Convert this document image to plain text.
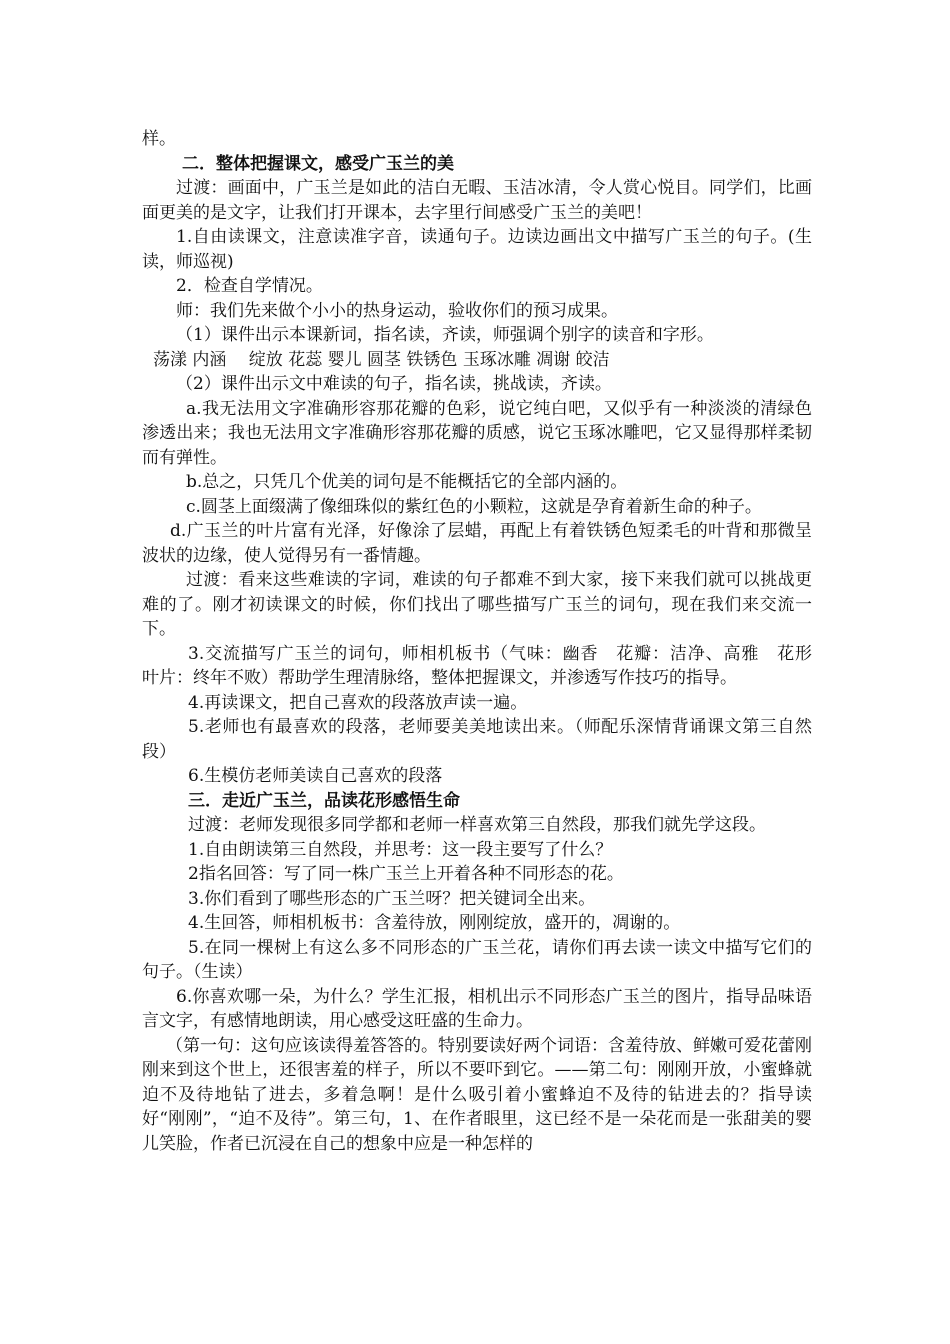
样。

二．整体把握课文，感受广玉兰的美

过渡：画面中，广玉兰是如此的洁白无暇、玉洁冰清，令人赏心悦目。同学们，比画面更美的是文字，让我们打开课本，去字里行间感受广玉兰的美吧！

1.自由读课文，注意读准字音，读通句子。边读边画出文中描写广玉兰的句子。(生读，师巡视)

2．检查自学情况。

师：我们先来做个小小的热身运动，验收你们的预习成果。

（1）课件出示本课新词，指名读，齐读，师强调个别字的读音和字形。

荡漾 内涵　 绽放 花蕊 婴儿 圆茎 铁锈色 玉琢冰雕 凋谢 皎洁

（2）课件出示文中难读的句子，指名读，挑战读，齐读。

a.我无法用文字准确形容那花瓣的色彩，说它纯白吧，又似乎有一种淡淡的清绿色渗透出来；我也无法用文字准确形容那花瓣的质感，说它玉琢冰雕吧，它又显得那样柔韧而有弹性。

b.总之，只凭几个优美的词句是不能概括它的全部内涵的。

c.圆茎上面缀满了像细珠似的紫红色的小颗粒，这就是孕育着新生命的种子。

d.广玉兰的叶片富有光泽，好像涂了层蜡，再配上有着铁锈色短柔毛的叶背和那微呈波状的边缘，使人觉得另有一番情趣。

过渡：看来这些难读的字词，难读的句子都难不到大家，接下来我们就可以挑战更难的了。刚才初读课文的时候，你们找出了哪些描写广玉兰的词句，现在我们来交流一下。

3.交流描写广玉兰的词句，师相机板书（气味：幽香　花瓣：洁净、高雅　花形　叶片：终年不败）帮助学生理清脉络，整体把握课文，并渗透写作技巧的指导。

4.再读课文，把自己喜欢的段落放声读一遍。

5.老师也有最喜欢的段落，老师要美美地读出来。（师配乐深情背诵课文第三自然段）

6.生模仿老师美读自己喜欢的段落

三．走近广玉兰，品读花形感悟生命

过渡：老师发现很多同学都和老师一样喜欢第三自然段，那我们就先学这段。

1.自由朗读第三自然段，并思考：这一段主要写了什么？

2指名回答：写了同一株广玉兰上开着各种不同形态的花。

3.你们看到了哪些形态的广玉兰呀？把关键词全出来。

4.生回答，师相机板书：含羞待放，刚刚绽放，盛开的，凋谢的。

5.在同一棵树上有这么多不同形态的广玉兰花，请你们再去读一读文中描写它们的句子。（生读）

6.你喜欢哪一朵，为什么？学生汇报，相机出示不同形态广玉兰的图片，指导品味语言文字，有感情地朗读，用心感受这旺盛的生命力。

（第一句：这句应该读得羞答答的。特别要读好两个词语：含羞待放、鲜嫩可爱花蕾刚刚来到这个世上，还很害羞的样子，所以不要吓到它。——第二句：刚刚开放，小蜜蜂就迫不及待地钻了进去，多着急啊！是什么吸引着小蜜蜂迫不及待的钻进去的？指导读好“刚刚”，“迫不及待”。第三句，1、在作者眼里，这已经不是一朵花而是一张甜美的婴儿笑脸，作者已沉浸在自己的想象中应是一种怎样的
